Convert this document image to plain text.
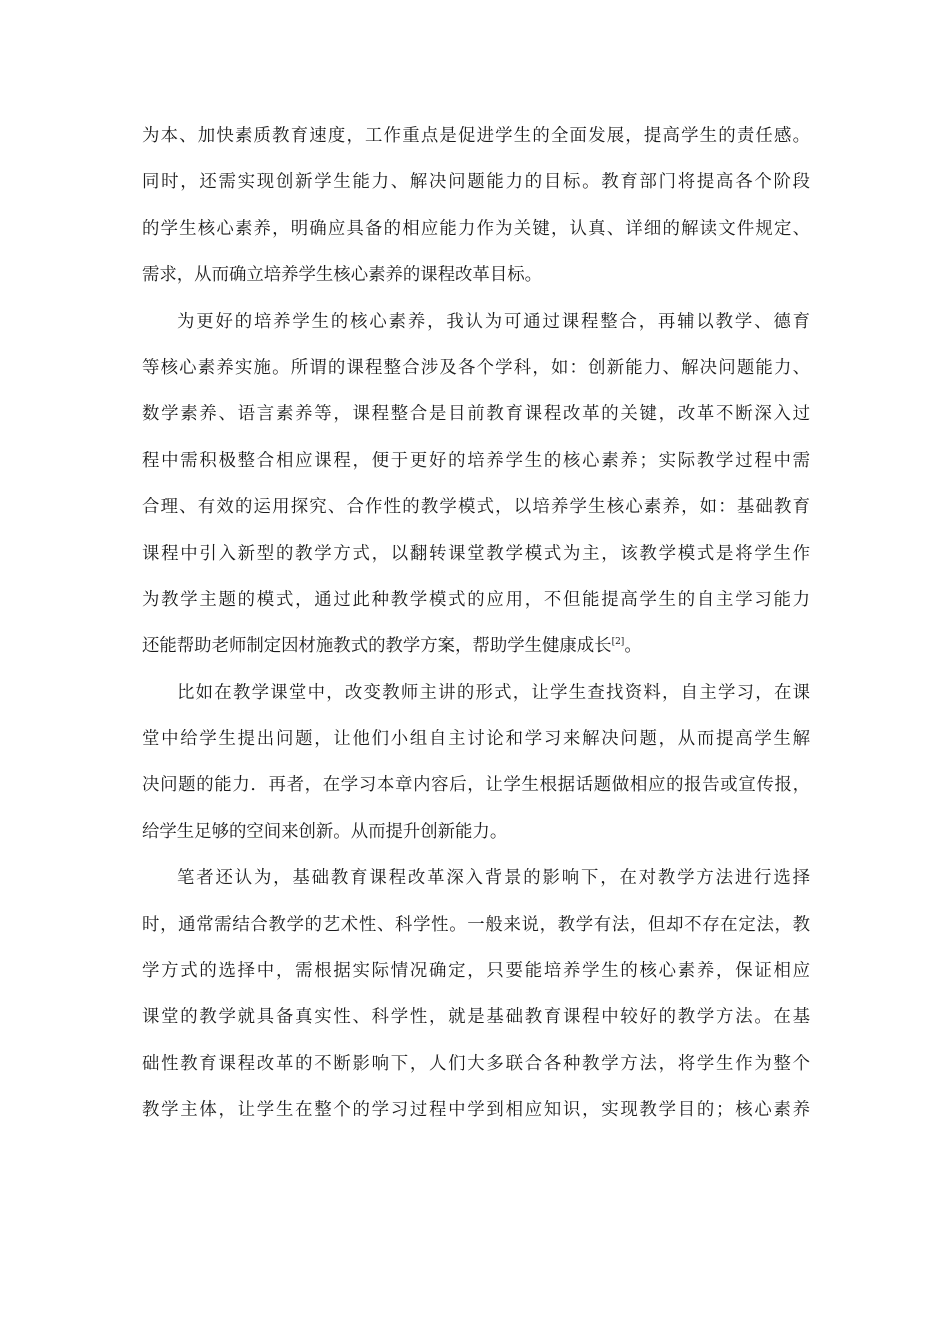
为本、加快素质教育速度，工作重点是促进学生的全面发展，提高学生的责任感。
同时，还需实现创新学生能力、解决问题能力的目标。教育部门将提高各个阶段
的学生核心素养，明确应具备的相应能力作为关键，认真、详细的解读文件规定、
需求，从而确立培养学生核心素养的课程改革目标。
为更好的培养学生的核心素养，我认为可通过课程整合，再辅以教学、德育
等核心素养实施。所谓的课程整合涉及各个学科，如：创新能力、解决问题能力、
数学素养、语言素养等，课程整合是目前教育课程改革的关键，改革不断深入过
程中需积极整合相应课程，便于更好的培养学生的核心素养；实际教学过程中需
合理、有效的运用探究、合作性的教学模式，以培养学生核心素养，如：基础教育
课程中引入新型的教学方式，以翻转课堂教学模式为主，该教学模式是将学生作
为教学主题的模式，通过此种教学模式的应用，不但能提高学生的自主学习能力
还能帮助老师制定因材施教式的教学方案，帮助学生健康成长[2]。
比如在教学课堂中，改变教师主讲的形式，让学生查找资料，自主学习，在课
堂中给学生提出问题，让他们小组自主讨论和学习来解决问题，从而提高学生解
决问题的能力．再者，在学习本章内容后，让学生根据话题做相应的报告或宣传报，
给学生足够的空间来创新。从而提升创新能力。
笔者还认为，基础教育课程改革深入背景的影响下，在对教学方法进行选择
时，通常需结合教学的艺术性、科学性。一般来说，教学有法，但却不存在定法，教
学方式的选择中，需根据实际情况确定，只要能培养学生的核心素养，保证相应
课堂的教学就具备真实性、科学性，就是基础教育课程中较好的教学方法。在基
础性教育课程改革的不断影响下，人们大多联合各种教学方法，将学生作为整个
教学主体，让学生在整个的学习过程中学到相应知识，实现教学目的；核心素养
